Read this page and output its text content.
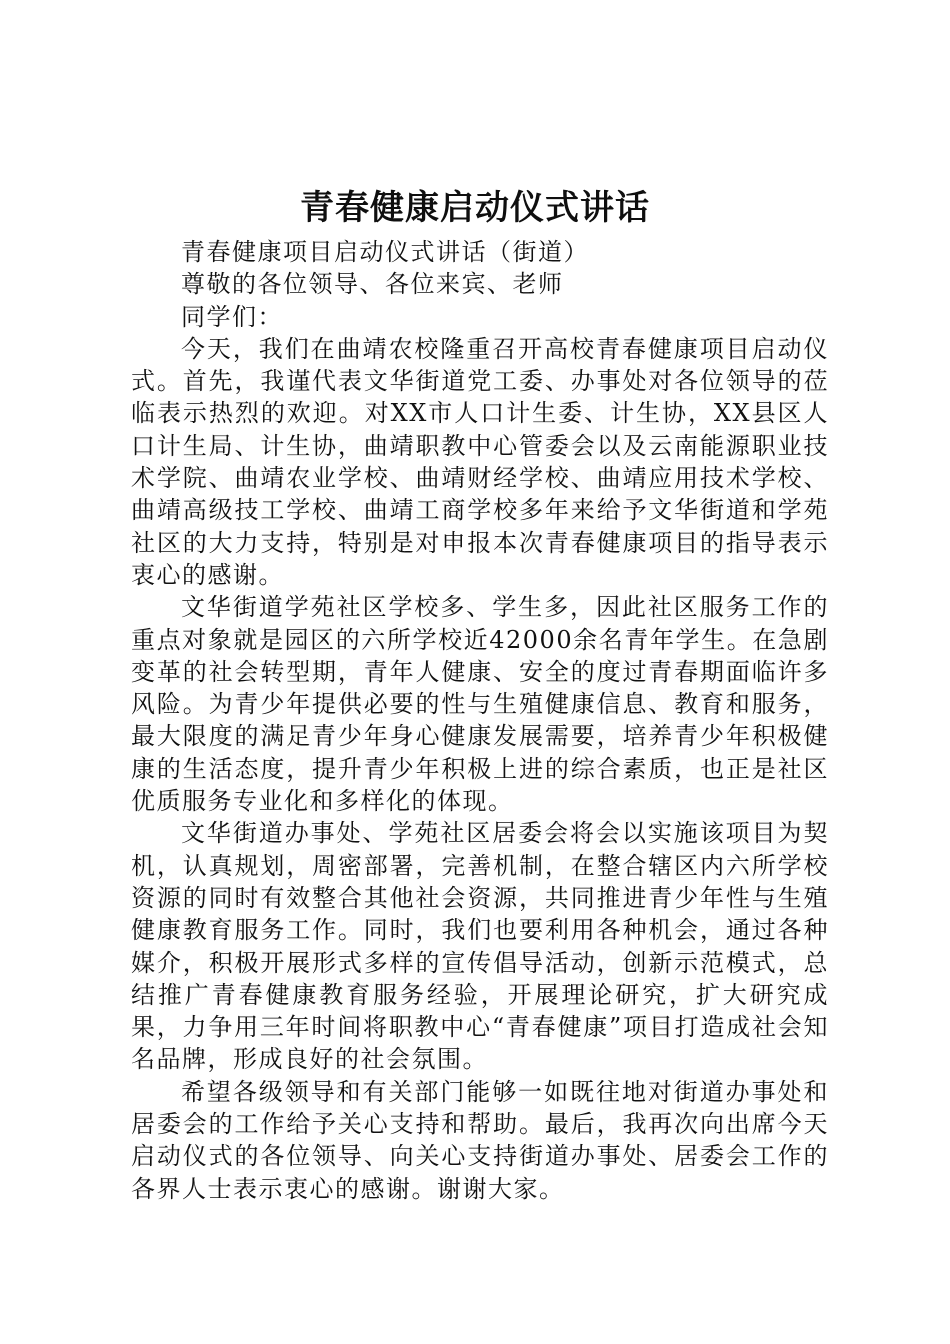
青春健康启动仪式讲话

青春健康项目启动仪式讲话（街道）

尊敬的各位领导、各位来宾、老师

同学们：

今天，我们在曲靖农校隆重召开高校青春健康项目启动仪式。首先，我谨代表文华街道党工委、办事处对各位领导的莅临表示热烈的欢迎。对XX市人口计生委、计生协，XX县区人口计生局、计生协，曲靖职教中心管委会以及云南能源职业技术学院、曲靖农业学校、曲靖财经学校、曲靖应用技术学校、曲靖高级技工学校、曲靖工商学校多年来给予文华街道和学苑社区的大力支持，特别是对申报本次青春健康项目的指导表示衷心的感谢。

文华街道学苑社区学校多、学生多，因此社区服务工作的重点对象就是园区的六所学校近42000余名青年学生。在急剧变革的社会转型期，青年人健康、安全的度过青春期面临许多风险。为青少年提供必要的性与生殖健康信息、教育和服务，最大限度的满足青少年身心健康发展需要，培养青少年积极健康的生活态度，提升青少年积极上进的综合素质，也正是社区优质服务专业化和多样化的体现。

文华街道办事处、学苑社区居委会将会以实施该项目为契机，认真规划，周密部署，完善机制，在整合辖区内六所学校资源的同时有效整合其他社会资源，共同推进青少年性与生殖健康教育服务工作。同时，我们也要利用各种机会，通过各种媒介，积极开展形式多样的宣传倡导活动，创新示范模式，总结推广青春健康教育服务经验，开展理论研究，扩大研究成果，力争用三年时间将职教中心“青春健康”项目打造成社会知名品牌，形成良好的社会氛围。

希望各级领导和有关部门能够一如既往地对街道办事处和居委会的工作给予关心支持和帮助。最后，我再次向出席今天启动仪式的各位领导、向关心支持街道办事处、居委会工作的各界人士表示衷心的感谢。谢谢大家。
